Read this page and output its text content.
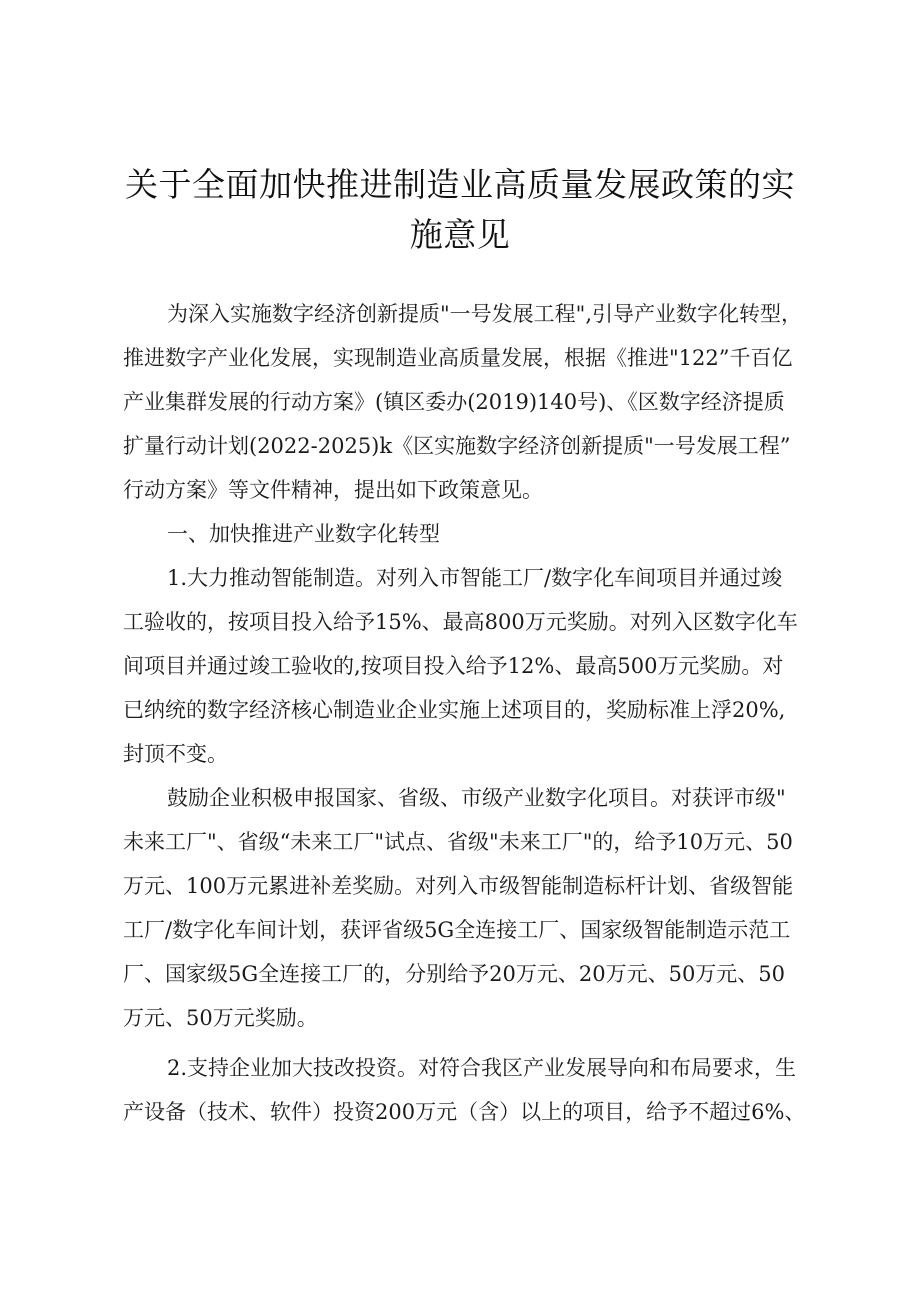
关于全面加快推进制造业高质量发展政策的实
施意见

为深入实施数字经济创新提质"一号发展工程",引导产业数字化转型，
推进数字产业化发展，实现制造业高质量发展，根据《推进"122”千百亿
产业集群发展的行动方案》(镇区委办(2019)140号)、《区数字经济提质
扩量行动计划(2022-2025)k《区实施数字经济创新提质"一号发展工程”
行动方案》等文件精神，提出如下政策意见。

一、加快推进产业数字化转型

1.大力推动智能制造。对列入市智能工厂/数字化车间项目并通过竣
工验收的，按项目投入给予15%、最高800万元奖励。对列入区数字化车
间项目并通过竣工验收的,按项目投入给予12%、最高500万元奖励。对
已纳统的数字经济核心制造业企业实施上述项目的，奖励标准上浮20%,
封顶不变。

鼓励企业积极申报国家、省级、市级产业数字化项目。对获评市级"
未来工厂"、省级“未来工厂"试点、省级"未来工厂"的，给予10万元、50
万元、100万元累进补差奖励。对列入市级智能制造标杆计划、省级智能
工厂/数字化车间计划，获评省级5G全连接工厂、国家级智能制造示范工
厂、国家级5G全连接工厂的，分别给予20万元、20万元、50万元、50
万元、50万元奖励。

2.支持企业加大技改投资。对符合我区产业发展导向和布局要求，生
产设备（技术、软件）投资200万元（含）以上的项目，给予不超过6%、
